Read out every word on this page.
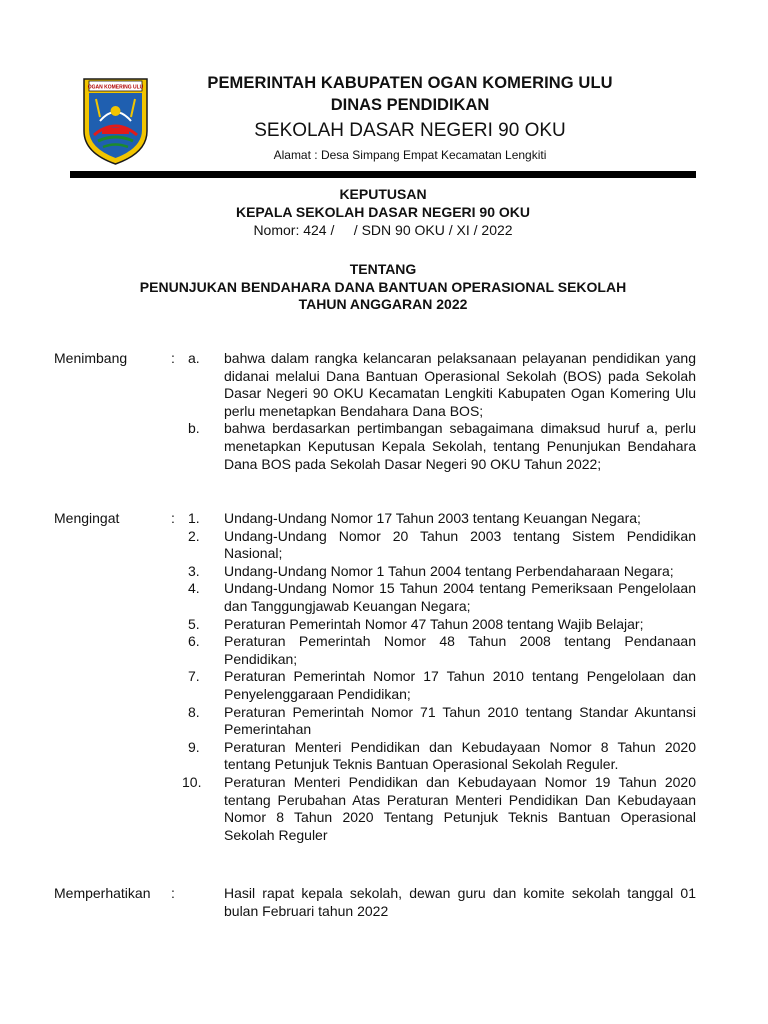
OGAN KOMERING ULU	PEMERINTAH KABUPATEN OGAN KOMERING ULU
DINAS PENDIDIKAN
SEKOLAH DASAR NEGERI 90 OKU
Alamat : Desa Simpang Empat Kecamatan Lengkiti
KEPUTUSAN
KEPALA SEKOLAH DASAR NEGERI 90 OKU
Nomor: 424 /     / SDN 90 OKU / XI / 2022
TENTANG
PENUNJUKAN BENDAHARA DANA BANTUAN OPERASIONAL SEKOLAH
TAHUN ANGGARAN 2022
Menimbang	: a. bahwa dalam rangka kelancaran pelaksanaan pelayanan pendidikan yang didanai melalui Dana Bantuan Operasional Sekolah (BOS) pada Sekolah Dasar Negeri 90 OKU Kecamatan Lengkiti Kabupaten Ogan Komering Ulu perlu menetapkan Bendahara Dana BOS;
b. bahwa berdasarkan pertimbangan sebagaimana dimaksud huruf a, perlu menetapkan Keputusan Kepala Sekolah, tentang Penunjukan Bendahara Dana BOS pada Sekolah Dasar Negeri 90 OKU Tahun 2022;
Mengingat	: 1. Undang-Undang Nomor 17 Tahun 2003 tentang Keuangan Negara;
2. Undang-Undang Nomor 20 Tahun 2003 tentang Sistem Pendidikan Nasional;
3. Undang-Undang Nomor 1 Tahun 2004 tentang Perbendaharaan Negara;
4. Undang-Undang Nomor 15 Tahun 2004 tentang Pemeriksaan Pengelolaan dan Tanggungjawab Keuangan Negara;
5. Peraturan Pemerintah Nomor 47 Tahun 2008 tentang Wajib Belajar;
6. Peraturan Pemerintah Nomor 48 Tahun 2008 tentang Pendanaan Pendidikan;
7. Peraturan Pemerintah Nomor 17 Tahun 2010 tentang Pengelolaan dan Penyelenggaraan Pendidikan;
8. Peraturan Pemerintah Nomor 71 Tahun 2010 tentang Standar Akuntansi Pemerintahan
9. Peraturan Menteri Pendidikan dan Kebudayaan Nomor 8 Tahun 2020 tentang Petunjuk Teknis Bantuan Operasional Sekolah Reguler.
10. Peraturan Menteri Pendidikan dan Kebudayaan Nomor 19 Tahun 2020 tentang Perubahan Atas Peraturan Menteri Pendidikan Dan Kebudayaan Nomor 8 Tahun 2020 Tentang Petunjuk Teknis Bantuan Operasional Sekolah Reguler
Memperhatikan :	Hasil rapat kepala sekolah, dewan guru dan komite sekolah tanggal 01 bulan Februari tahun 2022
